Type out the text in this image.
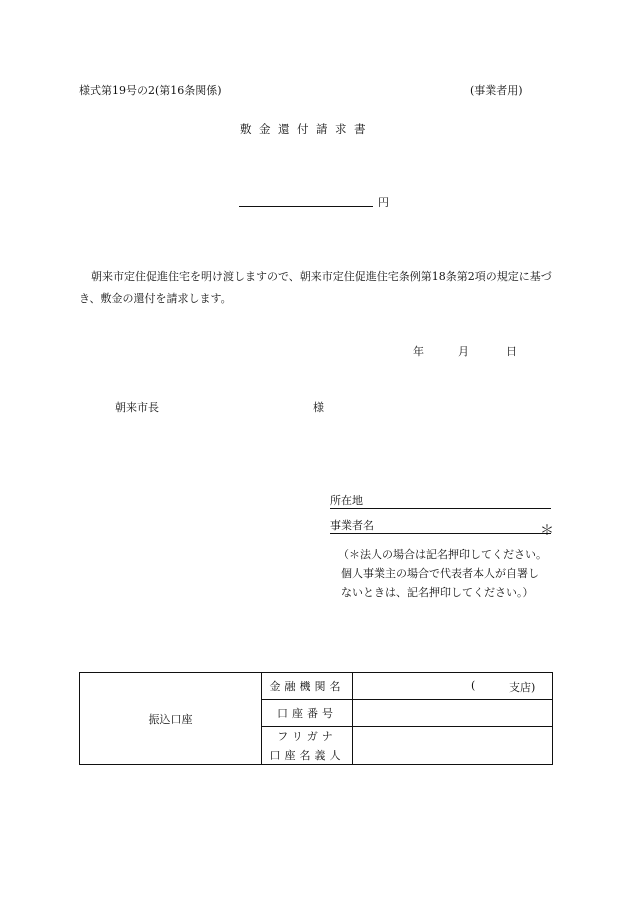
様式第19号の2(第16条関係)	(事業者用)
敷金還付請求書
円
朝来市定住促進住宅を明け渡しますので、朝来市定住促進住宅条例第18条第2項の規定に基づき、敷金の還付を請求します。
年	月	日
朝来市長	様
所在地
事業者名	＊
（＊法人の場合は記名押印してください。
個人事業主の場合で代表者本人が自署し
ないときは、記名押印してください。）
振込口座	金融機関名	( 支店)

	口座番号	
	フリガナ	
	口座名義人	
